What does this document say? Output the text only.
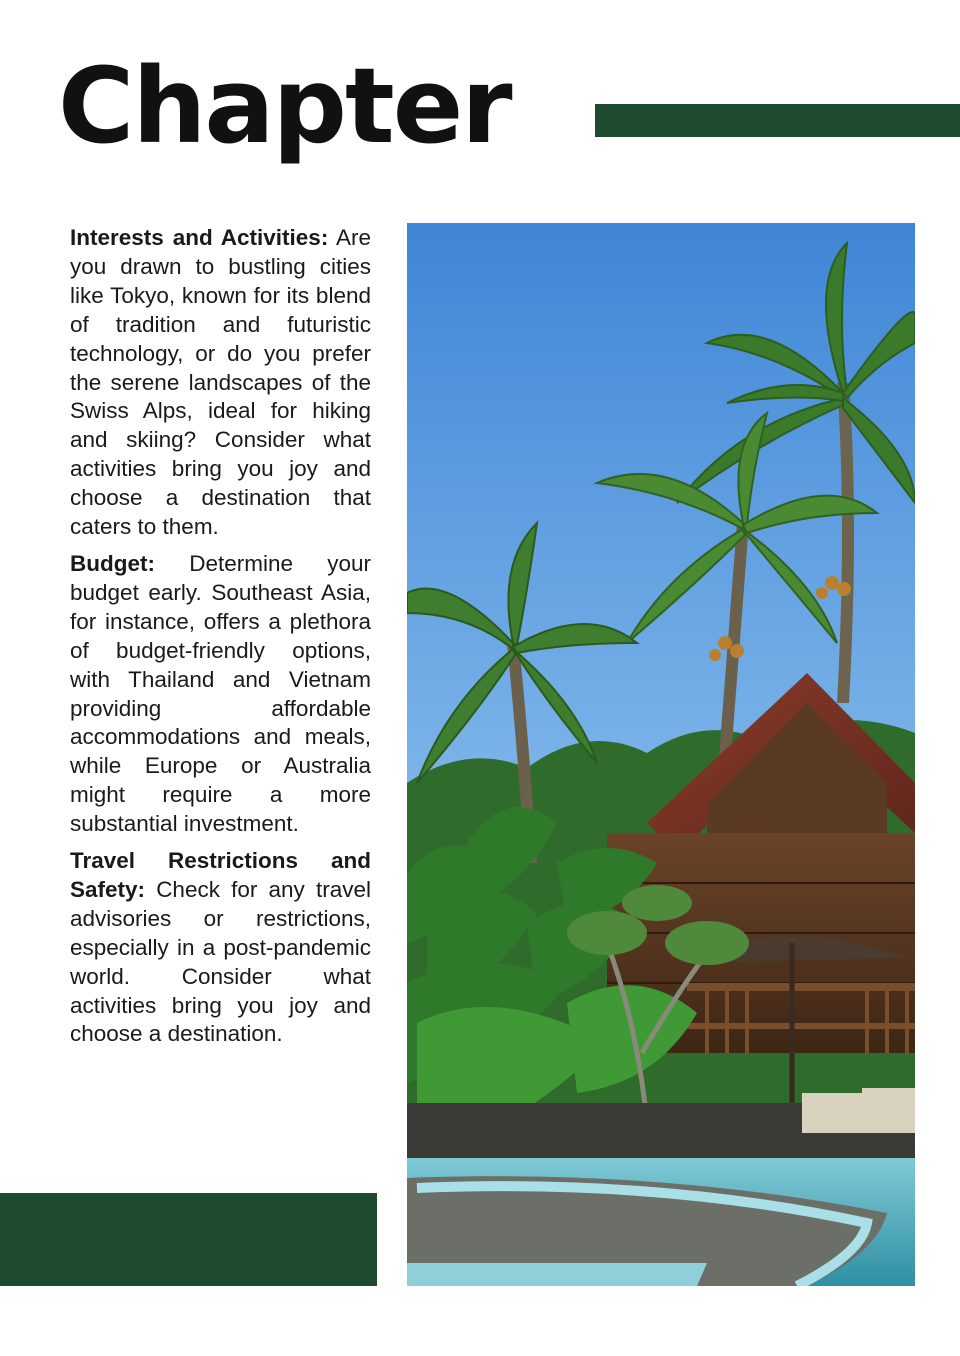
Chapter

Interests and Activities: Are you drawn to bustling cities like Tokyo, known for its blend of tradition and futuristic technology, or do you prefer the serene landscapes of the Swiss Alps, ideal for hiking and skiing? Consider what activities bring you joy and choose a destination that caters to them.

Budget: Determine your budget early. Southeast Asia, for instance, offers a plethora of budget-friendly options, with Thailand and Vietnam providing affordable accommodations and meals, while Europe or Australia might require a more substantial investment.

Travel Restrictions and Safety: Check for any travel advisories or restrictions, especially in a post-pandemic world. Consider what activities bring you joy and choose a destination.
